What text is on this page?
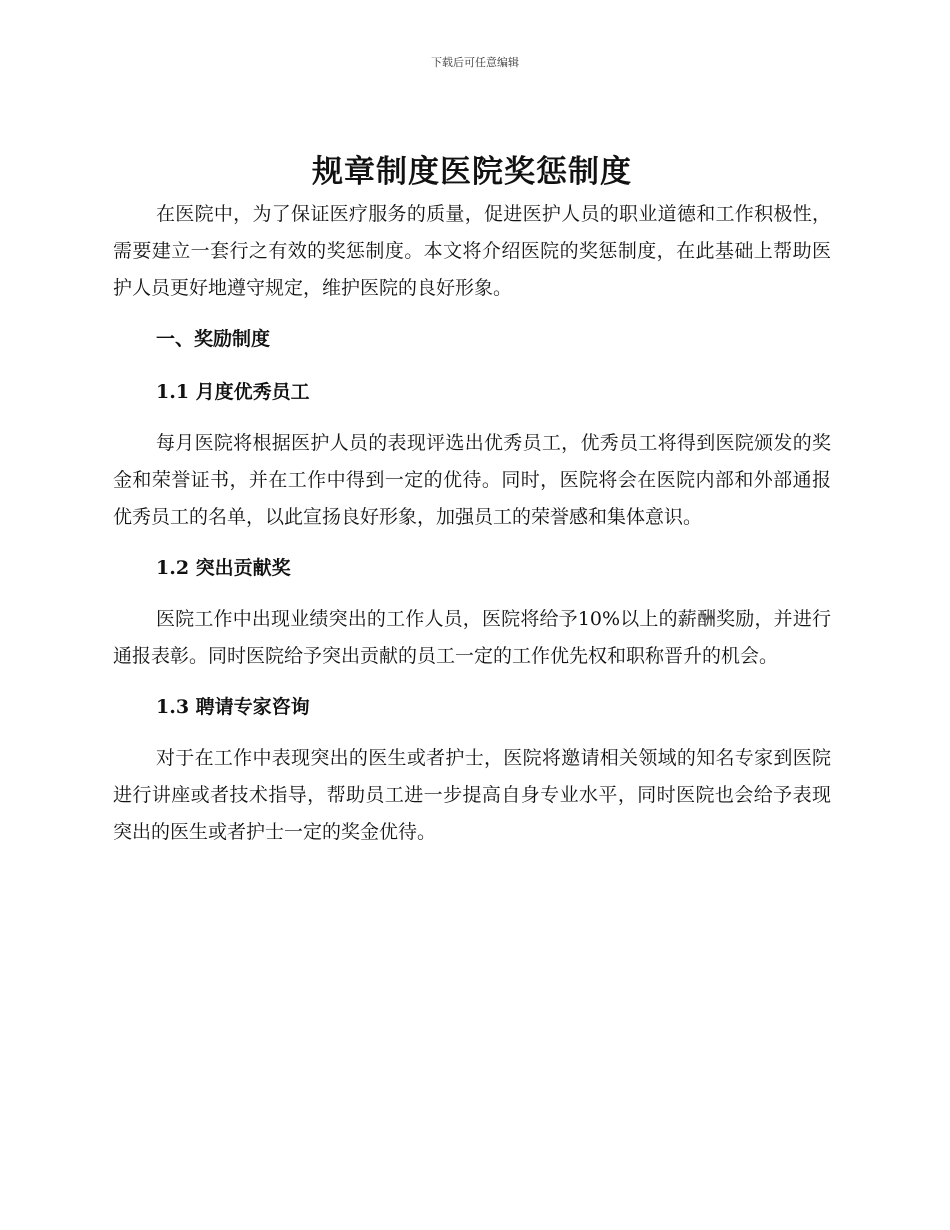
下载后可任意编辑
规章制度医院奖惩制度

在医院中，为了保证医疗服务的质量，促进医护人员的职业道德和工作积极性，需要建立一套行之有效的奖惩制度。本文将介绍医院的奖惩制度，在此基础上帮助医护人员更好地遵守规定，维护医院的良好形象。

一、奖励制度

1.1 月度优秀员工

每月医院将根据医护人员的表现评选出优秀员工，优秀员工将得到医院颁发的奖金和荣誉证书，并在工作中得到一定的优待。同时，医院将会在医院内部和外部通报优秀员工的名单，以此宣扬良好形象，加强员工的荣誉感和集体意识。

1.2 突出贡献奖

医院工作中出现业绩突出的工作人员，医院将给予10%以上的薪酬奖励，并进行通报表彰。同时医院给予突出贡献的员工一定的工作优先权和职称晋升的机会。

1.3 聘请专家咨询

对于在工作中表现突出的医生或者护士，医院将邀请相关领域的知名专家到医院进行讲座或者技术指导，帮助员工进一步提高自身专业水平，同时医院也会给予表现突出的医生或者护士一定的奖金优待。
